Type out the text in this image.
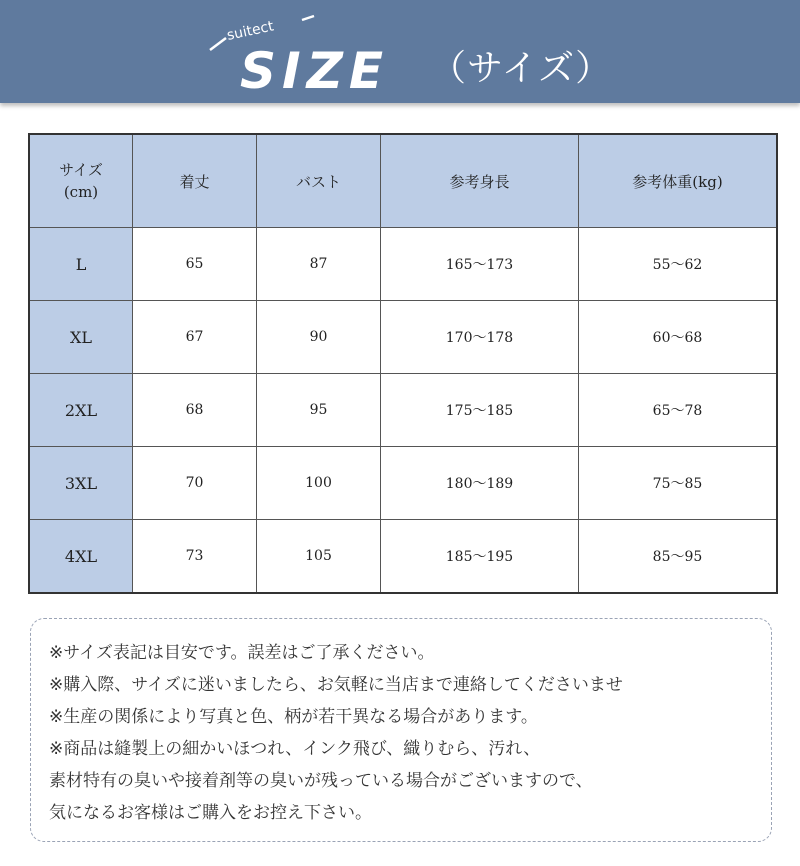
suitect
SIZE （サイズ）
サイズ
(cm)	着丈	バスト	参考身長	参考体重(kg)
L	65	87	165～173	55～62
XL	67	90	170～178	60～68
2XL	68	95	175～185	65～78
3XL	70	100	180～189	75～85
4XL	73	105	185～195	85～95

※サイズ表記は目安です。誤差はご了承ください。

※購入際、サイズに迷いましたら、お気軽に当店まで連絡してくださいませ

※生産の関係により写真と色、柄が若干異なる場合があります。

※商品は縫製上の細かいほつれ、インク飛び、織りむら、汚れ、

素材特有の臭いや接着剤等の臭いが残っている場合がございますので、

気になるお客様はご購入をお控え下さい。
